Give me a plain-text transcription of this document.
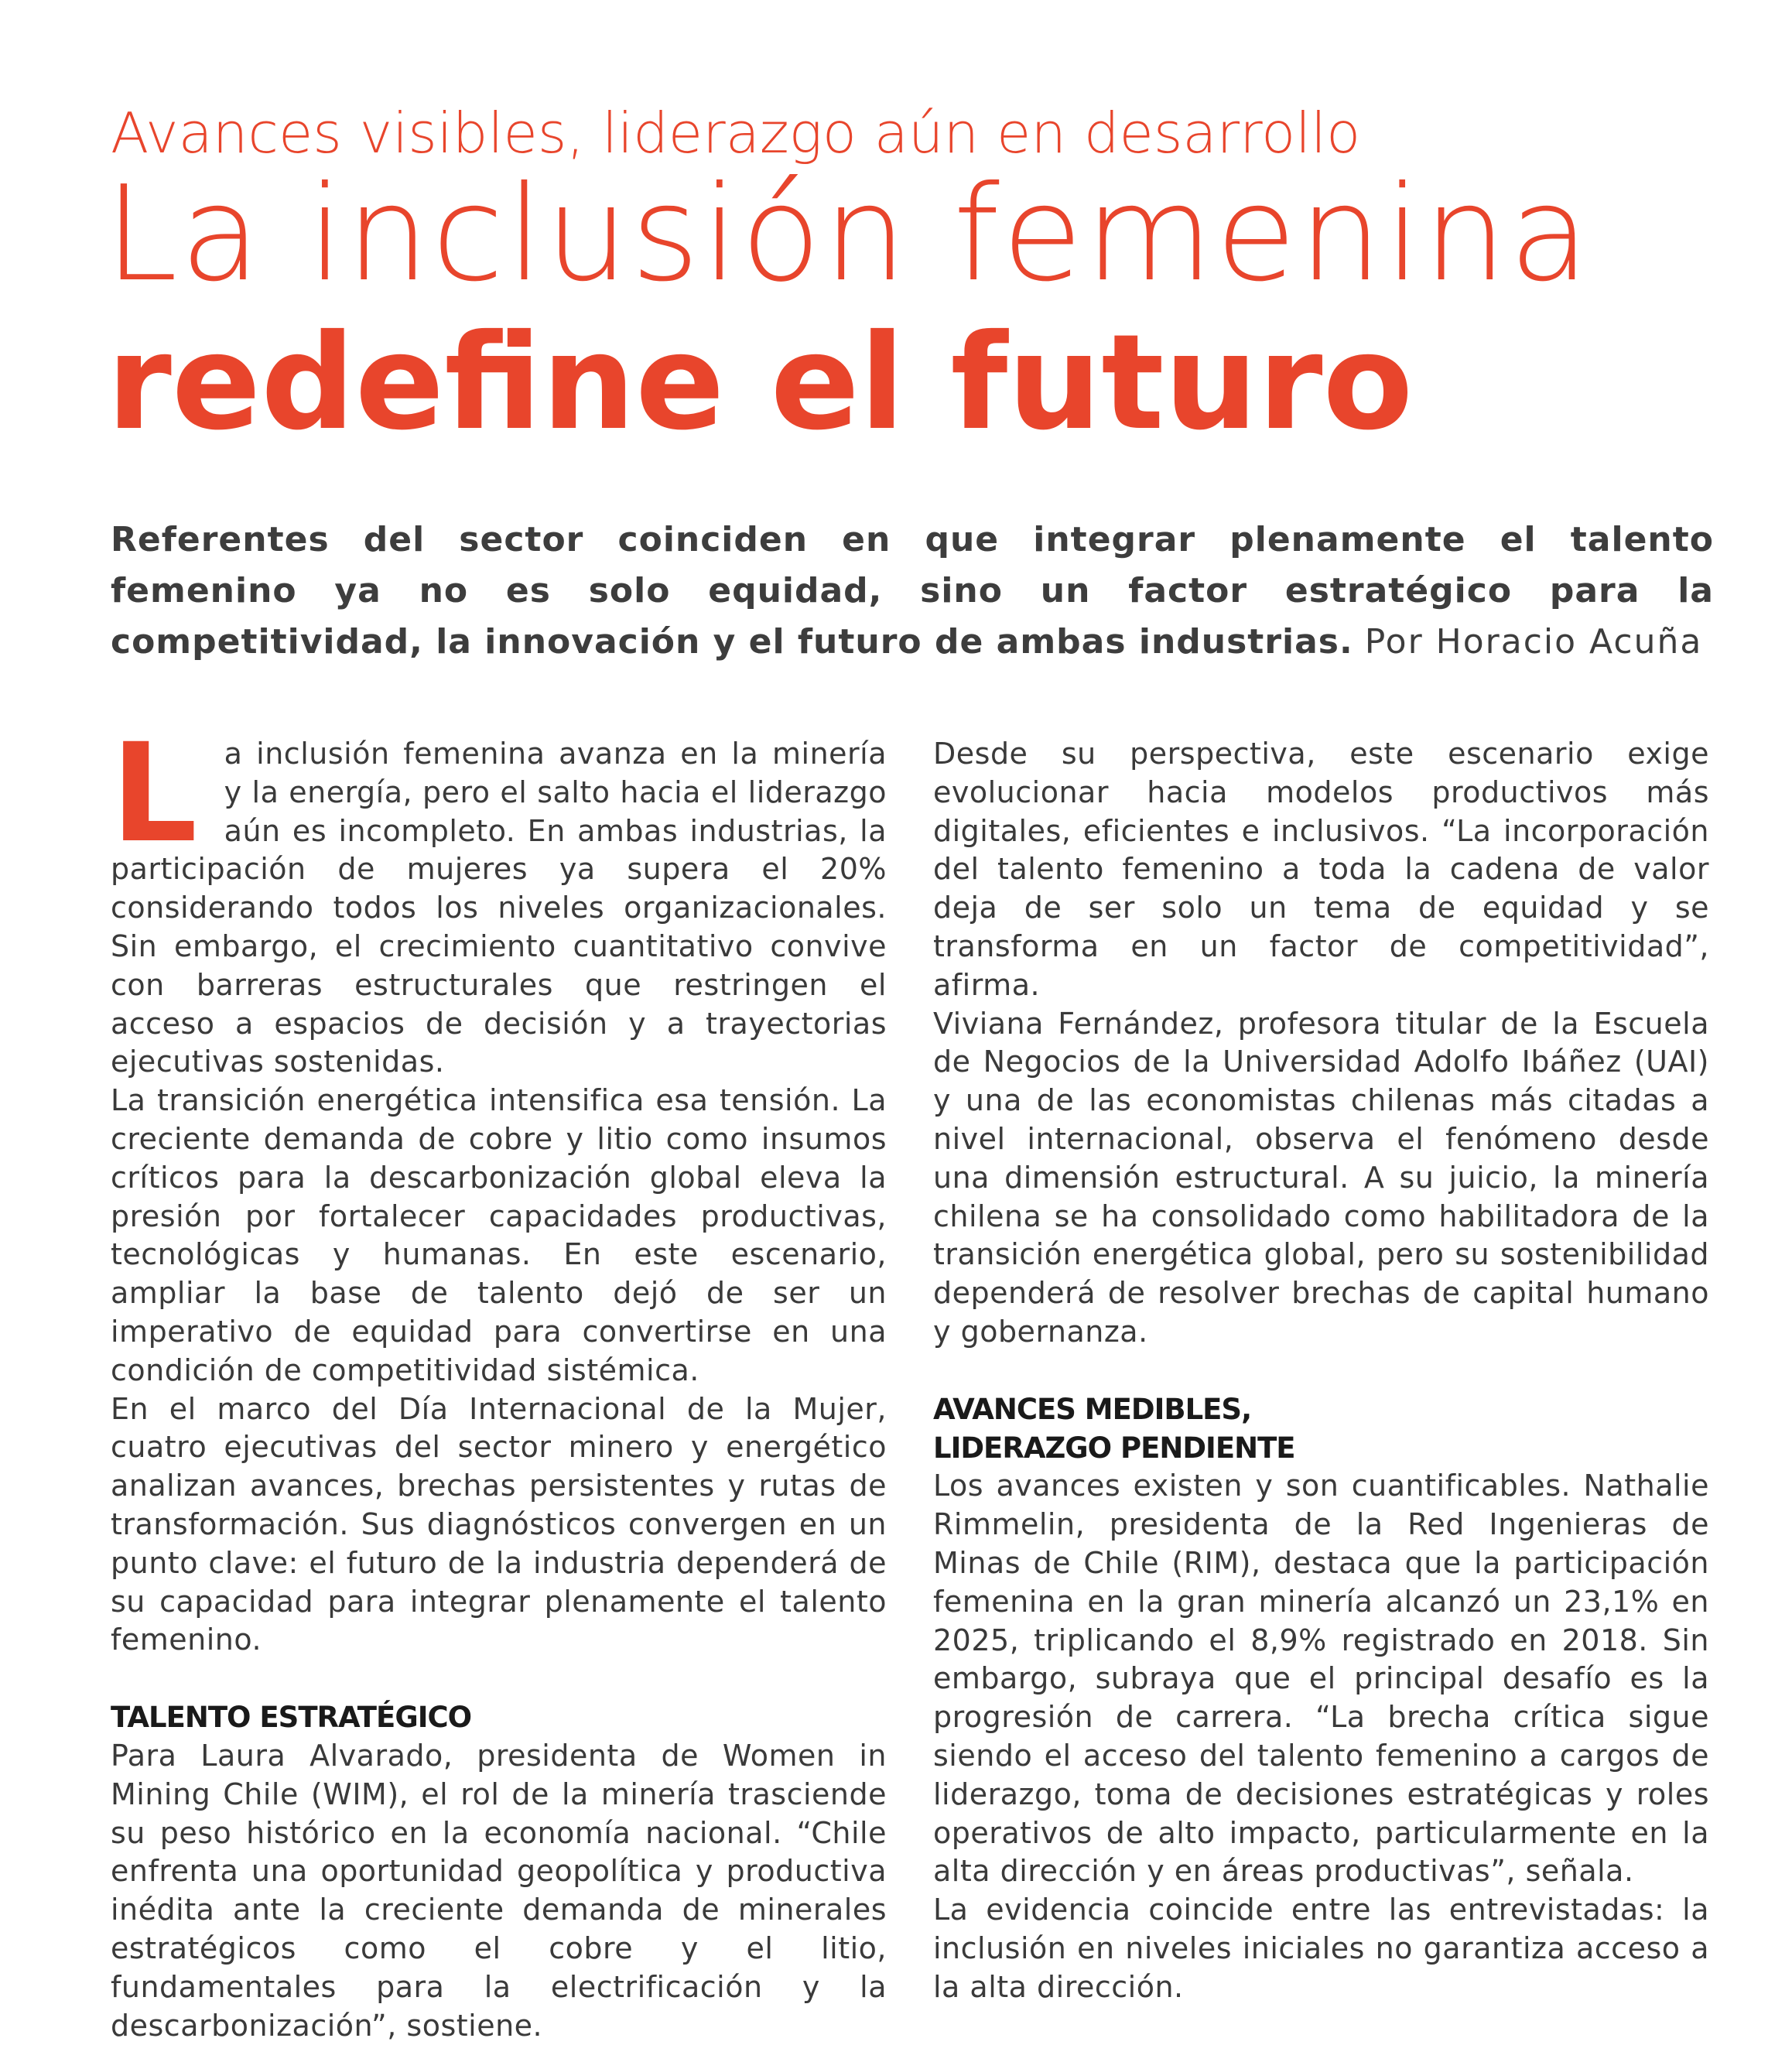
Avances visibles, liderazgo aún en desarrollo
La inclusión femenina
redefine el futuro
Referentes del sector coinciden en que integrar plenamente el talento femenino ya no es solo equidad, sino un factor estratégico para la competitividad, la innovación y el futuro de ambas industrias. Por Horacio Acuña

La inclusión femenina avanza en la minería y la energía, pero el salto hacia el liderazgo aún es incompleto. En ambas industrias, la participación de mujeres ya supera el 20% considerando todos los niveles organizacionales. Sin embargo, el crecimiento cuantitativo convive con barreras estructurales que restringen el acceso a espacios de decisión y a trayectorias ejecutivas sostenidas.

La transición energética intensifica esa tensión. La creciente demanda de cobre y litio como insumos críticos para la descarbonización global eleva la presión por fortalecer capacidades productivas, tecnológicas y humanas. En este escenario, ampliar la base de talento dejó de ser un imperativo de equidad para convertirse en una condición de competitividad sistémica.

En el marco del Día Internacional de la Mujer, cuatro ejecutivas del sector minero y energético analizan avances, brechas persistentes y rutas de transformación. Sus diagnósticos convergen en un punto clave: el futuro de la industria dependerá de su capacidad para integrar plenamente el talento femenino.

TALENTO ESTRATÉGICO

Para Laura Alvarado, presidenta de Women in Mining Chile (WIM), el rol de la minería trasciende su peso histórico en la economía nacional. “Chile enfrenta una oportunidad geopolítica y productiva inédita ante la creciente demanda de minerales estratégicos como el cobre y el litio, fundamentales para la electrificación y la descarbonización”, sostiene.

Desde su perspectiva, este escenario exige evolucionar hacia modelos productivos más digitales, eficientes e inclusivos. “La incorporación del talento femenino a toda la cadena de valor deja de ser solo un tema de equidad y se transforma en un factor de competitividad”, afirma.

Viviana Fernández, profesora titular de la Escuela de Negocios de la Universidad Adolfo Ibáñez (UAI) y una de las economistas chilenas más citadas a nivel internacional, observa el fenómeno desde una dimensión estructural. A su juicio, la minería chilena se ha consolidado como habilitadora de la transición energética global, pero su sostenibilidad dependerá de resolver brechas de capital humano y gobernanza.

AVANCES MEDIBLES,

LIDERAZGO PENDIENTE

Los avances existen y son cuantificables. Nathalie Rimmelin, presidenta de la Red Ingenieras de Minas de Chile (RIM), destaca que la participación femenina en la gran minería alcanzó un 23,1% en 2025, triplicando el 8,9% registrado en 2018. Sin embargo, subraya que el principal desafío es la progresión de carrera. “La brecha crítica sigue siendo el acceso del talento femenino a cargos de liderazgo, toma de decisiones estratégicas y roles operativos de alto impacto, particularmente en la alta dirección y en áreas productivas”, señala.

La evidencia coincide entre las entrevistadas: la inclusión en niveles iniciales no garantiza acceso a la alta dirección.
